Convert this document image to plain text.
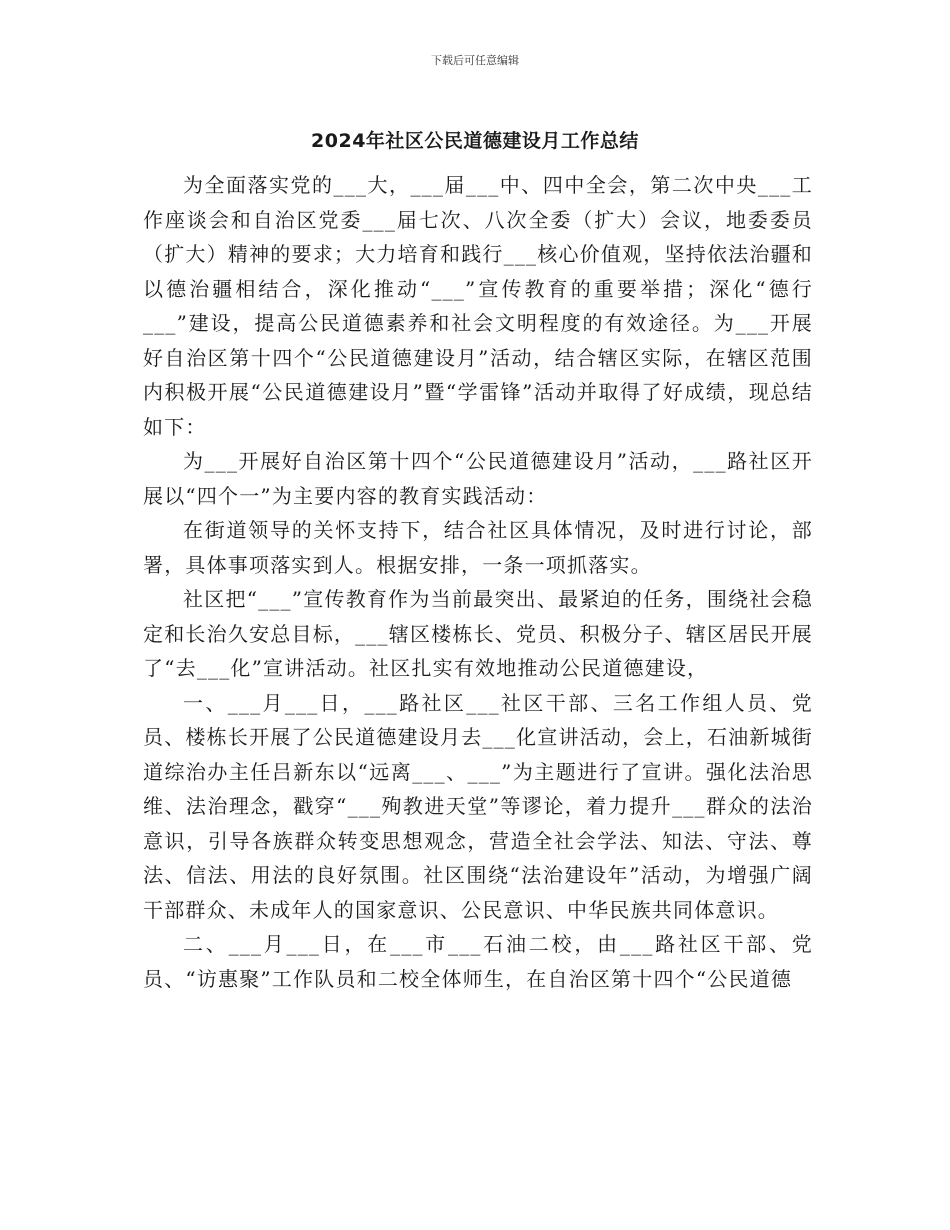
下载后可任意编辑
2024年社区公民道德建设月工作总结

为全面落实党的___大，___届___中、四中全会，第二次中央___工作座谈会和自治区党委___届七次、八次全委（扩大）会议，地委委员（扩大）精神的要求；大力培育和践行___核心价值观，坚持依法治疆和以德治疆相结合，深化推动“___”宣传教育的重要举措；深化“德行___”建设，提高公民道德素养和社会文明程度的有效途径。为___开展好自治区第十四个“公民道德建设月”活动，结合辖区实际，在辖区范围内积极开展“公民道德建设月”暨“学雷锋”活动并取得了好成绩，现总结如下：

为___开展好自治区第十四个“公民道德建设月”活动，___路社区开展以“四个一”为主要内容的教育实践活动：

在街道领导的关怀支持下，结合社区具体情况，及时进行讨论，部署，具体事项落实到人。根据安排，一条一项抓落实。

社区把“___”宣传教育作为当前最突出、最紧迫的任务，围绕社会稳定和长治久安总目标，___辖区楼栋长、党员、积极分子、辖区居民开展了“去___化”宣讲活动。社区扎实有效地推动公民道德建设，

一、___月___日，___路社区___社区干部、三名工作组人员、党员、楼栋长开展了公民道德建设月去___化宣讲活动，会上，石油新城街道综治办主任吕新东以“远离___、___”为主题进行了宣讲。强化法治思维、法治理念，戳穿“___殉教进天堂”等谬论，着力提升___群众的法治意识，引导各族群众转变思想观念，营造全社会学法、知法、守法、尊法、信法、用法的良好氛围。社区围绕“法治建设年”活动，为增强广阔干部群众、未成年人的国家意识、公民意识、中华民族共同体意识。

二、___月___日，在___市___石油二校，由___路社区干部、党员、“访惠聚”工作队员和二校全体师生，在自治区第十四个“公民道德
